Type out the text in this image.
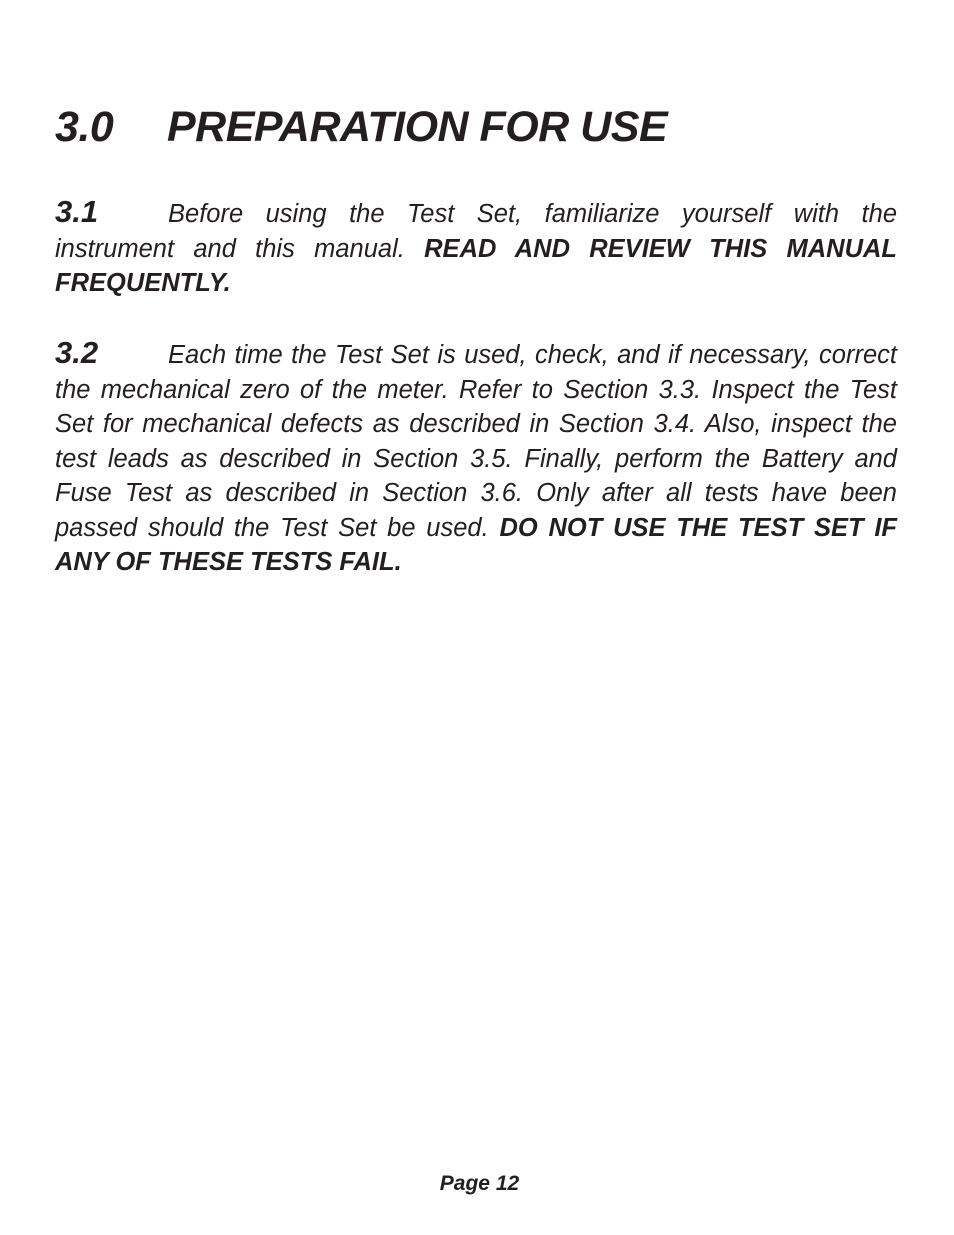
3.0 PREPARATION FOR USE

3.1	Before using the Test Set, familiarize yourself with the instrument and this manual. READ AND REVIEW THIS MANUAL FREQUENTLY.

3.2	Each time the Test Set is used, check, and if necessary, correct the mechanical zero of the meter. Refer to Section 3.3. Inspect the Test Set for mechanical defects as described in Section 3.4. Also, inspect the test leads as described in Section 3.5. Finally, perform the Battery and Fuse Test as described in Section 3.6. Only after all tests have been passed should the Test Set be used. DO NOT USE THE TEST SET IF ANY OF THESE TESTS FAIL.

Page 12
